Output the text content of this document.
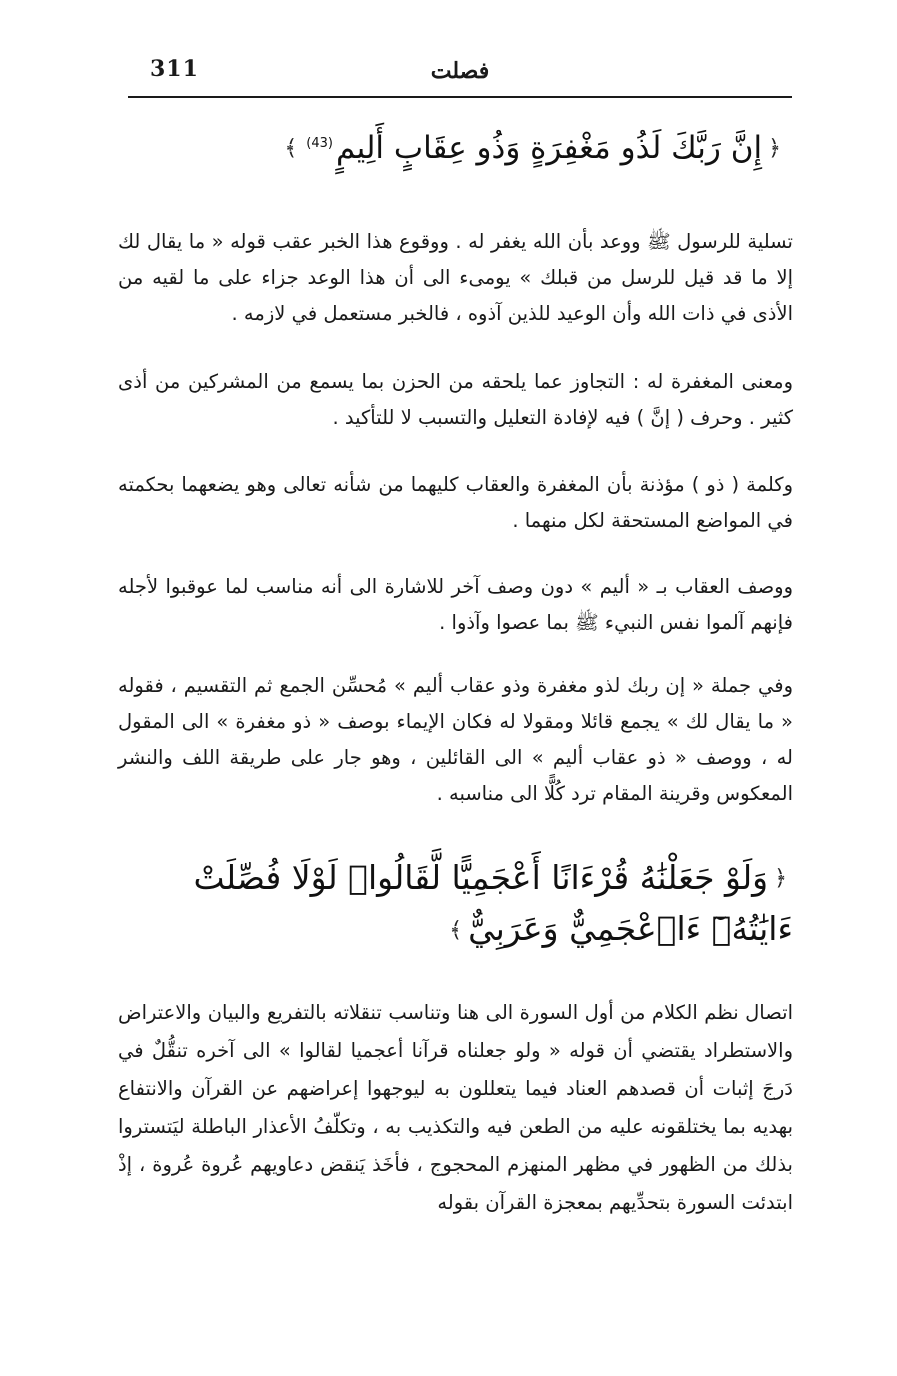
311	فصلت
﴿إِنَّ رَبَّكَ لَذُو مَغْفِرَةٍ وَذُو عِقَابٍ أَلِيمٍ$^{(43)}$﴾

تسلية للرسول ﷺ ووعد بأن الله يغفر له . ووقوع هذا الخبر عقب قوله « ما يقال لك إلا ما قد قيل للرسل من قبلك » يومىء الى أن هذا الوعد جزاء على ما لقيه من الأذى في ذات الله وأن الوعيد للذين آذوه ، فالخبر مستعمل في لازمه .

ومعنى المغفرة له : التجاوز عما يلحقه من الحزن بما يسمع من المشركين من أذى كثير . وحرف ( إنَّ ) فيه لإفادة التعليل والتسبب لا للتأكيد .

وكلمة ( ذو ) مؤذنة بأن المغفرة والعقاب كليهما من شأنه تعالى وهو يضعهما بحكمته في المواضع المستحقة لكل منهما .

ووصف العقاب بـ « أليم » دون وصف آخر للاشارة الى أنه مناسب لما عوقبوا لأجله فإنهم آلموا نفس النبيء ﷺ بما عصوا وآذوا .

وفي جملة « إن ربك لذو مغفرة وذو عقاب أليم » مُحسِّن الجمع ثم التقسيم ، فقوله « ما يقال لك » يجمع قائلا ومقولا له فكان الإيماء بوصف « ذو مغفرة » الى المقول له ، ووصف « ذو عقاب أليم » الى القائلين ، وهو جار على طريقة اللف والنشر المعكوس وقرينة المقام ترد كُلًّا الى مناسبه .

﴿وَلَوْ جَعَلْنَٰهُ قُرْءَانًا أَعْجَمِيًّا لَّقَالُوا۟ لَوْلَا فُصِّلَتْ ءَايَٰتُهُۥٓ ءَا۬عْجَمِيٌّ وَعَرَبِيٌّ﴾

اتصال نظم الكلام من أول السورة الى هنا وتناسب تنقلاته بالتفريع والبيان والاعتراض والاستطراد يقتضي أن قوله « ولو جعلناه قرآنا أعجميا لقالوا » الى آخره تنقُّلٌ في دَرجَ إثبات أن قصدهم العناد فيما يتعللون به ليوجهوا إعراضهم عن القرآن والانتفاع بهديه بما يختلقونه عليه من الطعن فيه والتكذيب به ، وتكلّفُ الأعذار الباطلة ليَتستروا بذلك من الظهور في مظهر المنهزم المحجوج ، فأخَذ يَنقض دعاويهم عُروة عُروة ، إذْ ابتدئت السورة بتحدِّيهم بمعجزة القرآن بقوله
